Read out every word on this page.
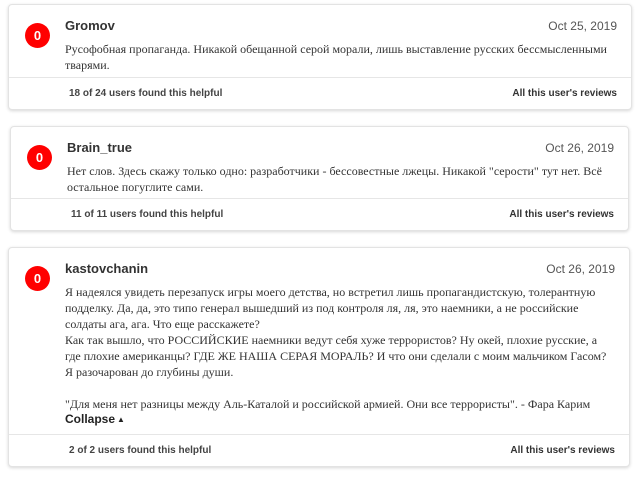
0
Gromov	Oct 25, 2019
Русофобная пропаганда. Никакой обещанной серой морали, лишь выставление русских бессмысленными тварями.
18 of 24 users found this helpful	All this user's reviews
0
Brain_true	Oct 26, 2019
Нет слов. Здесь скажу только одно: разработчики - бессовестные лжецы. Никакой "серости" тут нет. Всё остальное погуглите сами.
11 of 11 users found this helpful	All this user's reviews
0
kastovchanin	Oct 26, 2019
Я надеялся увидеть перезапуск игры моего детства, но встретил лишь пропагандистскую, толерантную подделку. Да, да, это типо генерал вышедший из под контроля ля, ля, это наемники, а не российские солдаты ага, ага. Что еще расскажете?
Как так вышло, что РОССИЙСКИЕ наемники ведут себя хуже террористов? Ну окей, плохие русские, а где плохие американцы? ГДЕ ЖЕ НАША СЕРАЯ МОРАЛЬ? И что они сделали с моим мальчиком Гасом? Я разочарован до глубины души.

"Для меня нет разницы между Аль-Каталой и российской армией. Они все террористы". - Фара Карим
Collapse ▲
2 of 2 users found this helpful	All this user's reviews
